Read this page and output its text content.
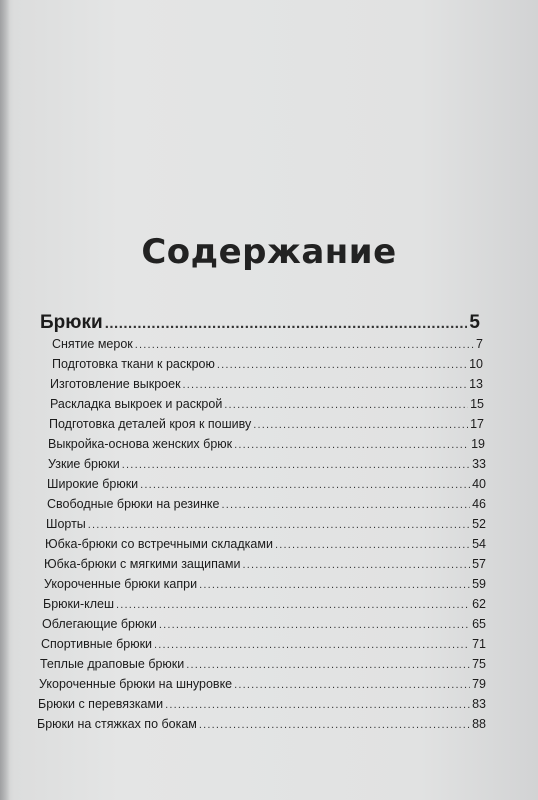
Содержание
Брюки .....	5
Снятие мерок .....	7
Подготовка ткани к раскрою .....	10
Изготовление выкроек .....	13
Раскладка выкроек и раскрой .....	15
Подготовка деталей кроя к пошиву .....	17
Выкройка-основа женских брюк .....	19
Узкие брюки .....	33
Широкие брюки .....	40
Свободные брюки на резинке .....	46
Шорты .....	52
Юбка-брюки со встречными складками .....	54
Юбка-брюки с мягкими защипами .....	57
Укороченные брюки капри .....	59
Брюки-клеш .....	62
Облегающие брюки .....	65
Спортивные брюки .....	71
Теплые драповые брюки .....	75
Укороченные брюки на шнуровке .....	79
Брюки с перевязками .....	83
Брюки на стяжках по бокам .....	88
